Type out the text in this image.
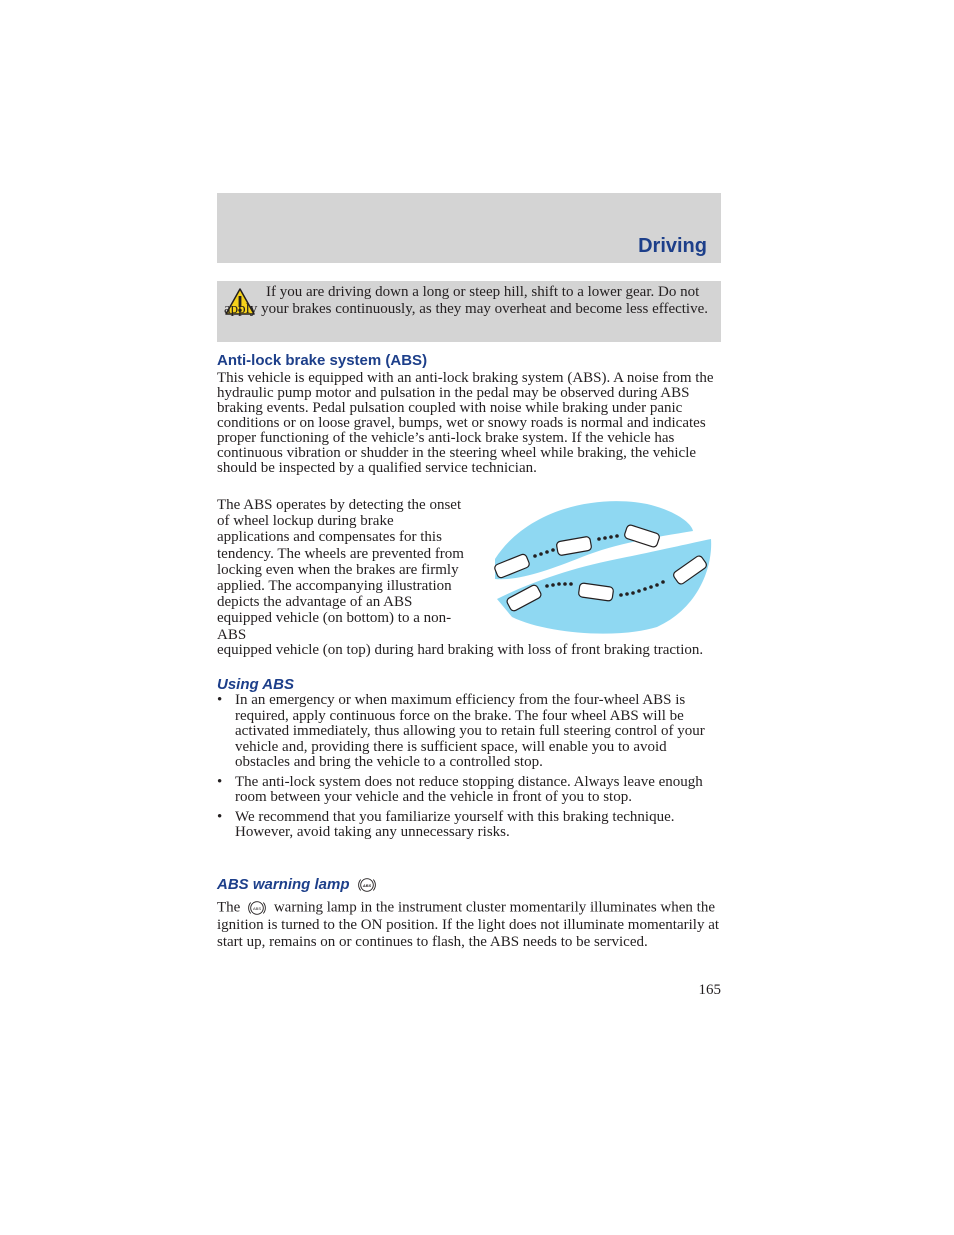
Driving

If you are driving down a long or steep hill, shift to a lower gear. Do not apply your brakes continuously, as they may overheat and become less effective.

Anti-lock brake system (ABS)

This vehicle is equipped with an anti-lock braking system (ABS). A noise from the hydraulic pump motor and pulsation in the pedal may be observed during ABS braking events. Pedal pulsation coupled with noise while braking under panic conditions or on loose gravel, bumps, wet or snowy roads is normal and indicates proper functioning of the vehicle’s anti-lock brake system. If the vehicle has continuous vibration or shudder in the steering wheel while braking, the vehicle should be inspected by a qualified service technician.

The ABS operates by detecting the onset of wheel lockup during brake applications and compensates for this tendency. The wheels are prevented from locking even when the brakes are firmly applied. The accompanying illustration depicts the advantage of an ABS equipped vehicle (on bottom) to a non-ABS

equipped vehicle (on top) during hard braking with loss of front braking traction.

Using ABS
• In an emergency or when maximum efficiency from the four-wheel ABS is required, apply continuous force on the brake. The four wheel ABS will be activated immediately, thus allowing you to retain full steering control of your vehicle and, providing there is sufficient space, will enable you to avoid obstacles and bring the vehicle to a controlled stop.
• The anti-lock system does not reduce stopping distance. Always leave enough room between your vehicle and the vehicle in front of you to stop.
• We recommend that you familiarize yourself with this braking technique. However, avoid taking any unnecessary risks.
ABS warning lamp	ABS

The	ABS warning lamp in the instrument cluster momentarily illuminates when the ignition is turned to the ON position. If the light does not illuminate momentarily at start up, remains on or continues to flash, the ABS needs to be serviced.

165
